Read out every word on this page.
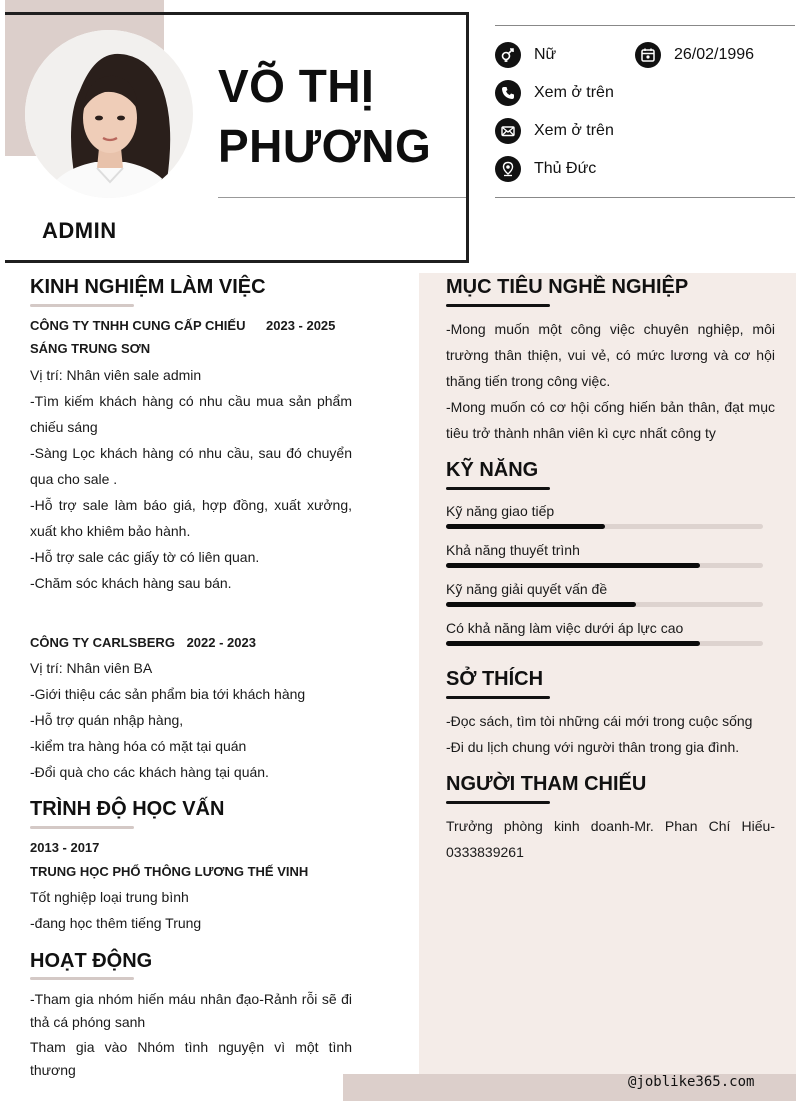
VÕ THỊ
PHƯƠNG
ADMIN
Nữ	26/02/1996
Xem ở trên
Xem ở trên
Thủ Đức
@joblike365.com
KINH NGHIỆM LÀM VIỆC
CÔNG TY TNHH CUNG CẤP CHIẾU 2023 - 2025
SÁNG TRUNG SƠN
Vị trí: Nhân viên sale admin
-Tìm kiếm khách hàng có nhu cầu mua sản phẩm chiếu sáng
-Sàng Lọc khách hàng có nhu cầu, sau đó chuyển qua cho sale .
-Hỗ trợ sale làm báo giá, hợp đồng, xuất xưởng, xuất kho khiêm bảo hành.
-Hỗ trợ sale các giấy tờ có liên quan.
-Chăm sóc khách hàng sau bán.
CÔNG TY CARLSBERG 2022 - 2023
Vị trí: Nhân viên BA
-Giới thiệu các sản phẩm bia tới khách hàng
-Hỗ trợ quán nhập hàng,
-kiểm tra hàng hóa có mặt tại quán
-Đổi quà cho các khách hàng tại quán.
TRÌNH ĐỘ HỌC VẤN
2013 - 2017
TRUNG HỌC PHỔ THÔNG LƯƠNG THẾ VINH
Tốt nghiệp loại trung bình
-đang học thêm tiếng Trung
HOẠT ĐỘNG
-Tham gia nhóm hiến máu nhân đạo-Rảnh rỗi sẽ đi thả cá phóng sanh
Tham gia vào Nhóm tình nguyện vì một tình thương
MỤC TIÊU NGHỀ NGHIỆP
-Mong muốn một công việc chuyên nghiệp, môi trường thân thiện, vui vẻ, có mức lương và cơ hội thăng tiến trong công việc.
-Mong muốn có cơ hội cống hiến bản thân, đạt mục tiêu trở thành nhân viên kì cực nhất công ty
KỸ NĂNG
Kỹ năng giao tiếp
Khả năng thuyết trình
Kỹ năng giải quyết vấn đề
Có khả năng làm việc dưới áp lực cao
SỞ THÍCH
-Đọc sách, tìm tòi những cái mới trong cuộc sống
-Đi du lịch chung với người thân trong gia đình.
NGƯỜI THAM CHIẾU
Trưởng phòng kinh doanh-Mr. Phan Chí Hiếu- 0333839261
